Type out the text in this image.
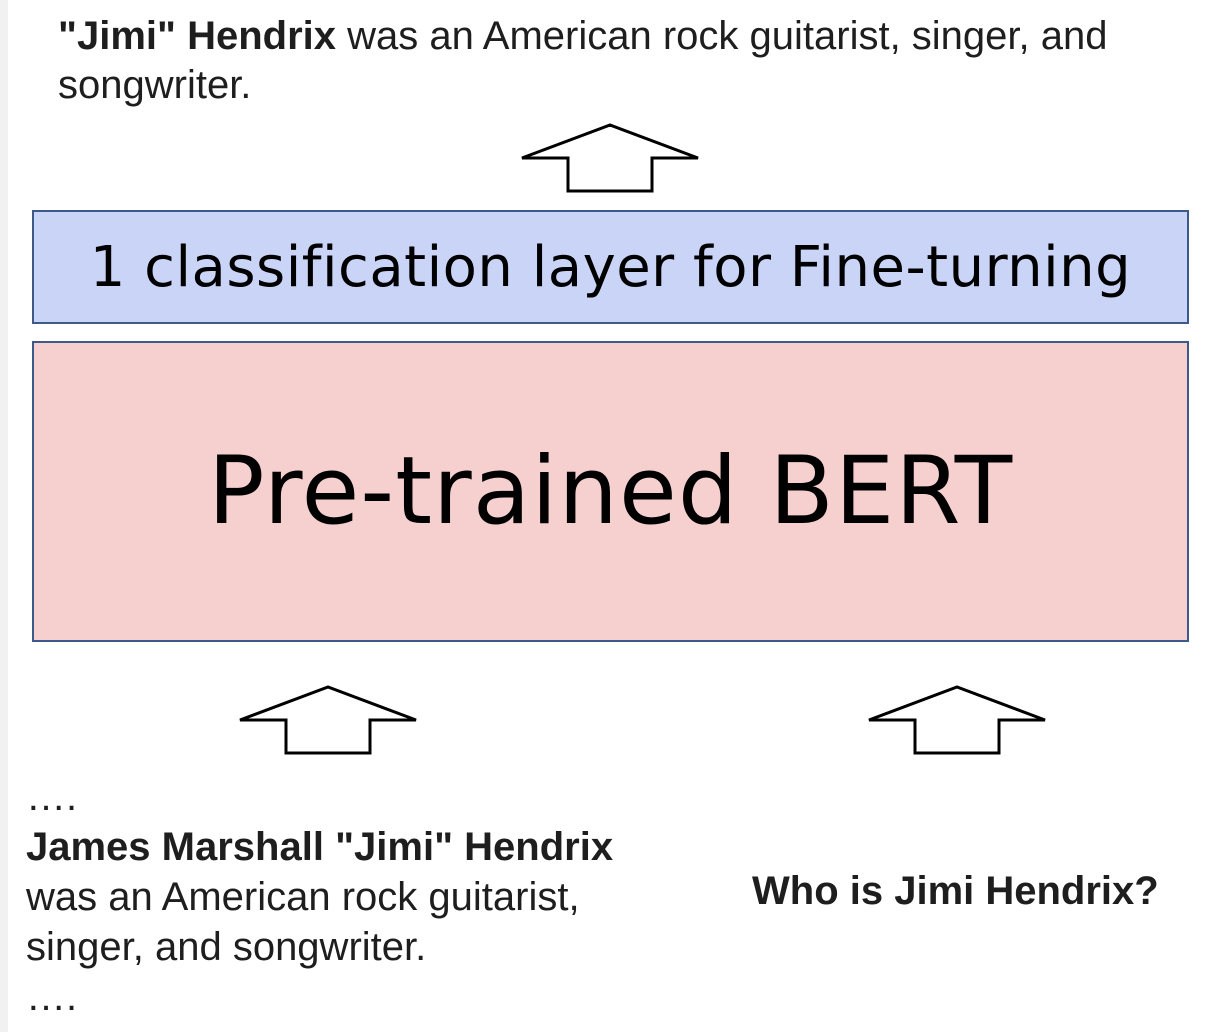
"Jimi" Hendrix was an American rock guitarist, singer, and songwriter.
1 classification layer for Fine-turning
Pre-trained BERT
….
James Marshall "Jimi" Hendrix
was an American rock guitarist,
singer, and songwriter.
….
Who is Jimi Hendrix?
